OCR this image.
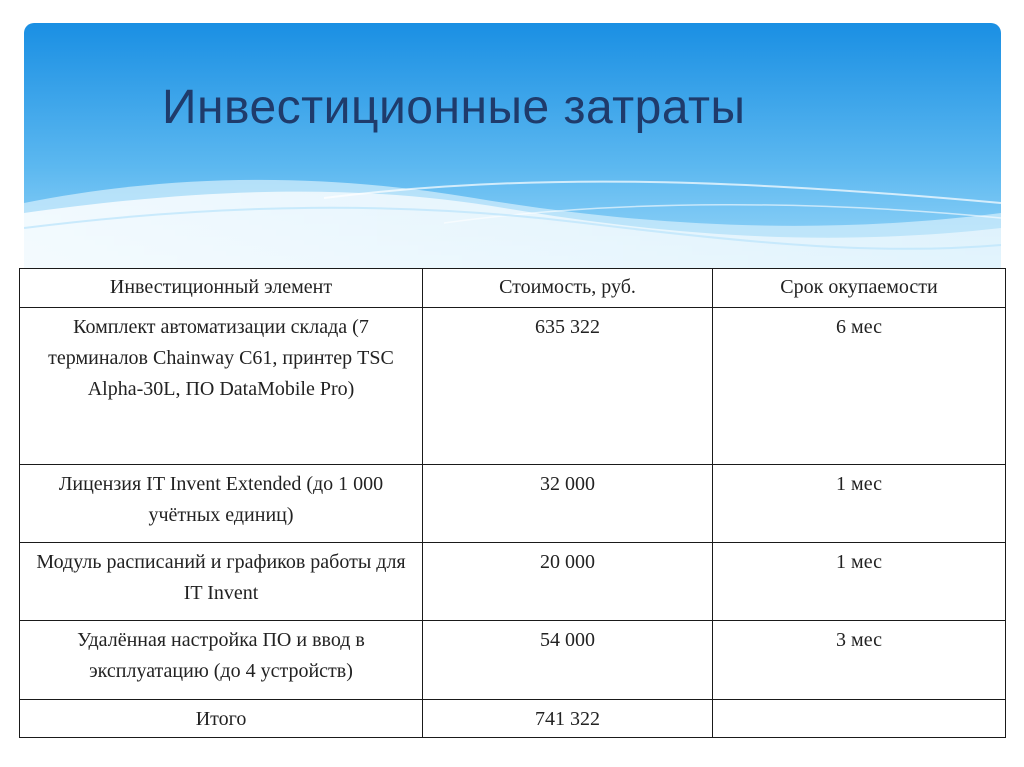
Инвестиционные затраты
Инвестиционный элемент	Стоимость, руб.	Срок окупаемости
Комплект автоматизации склада (7 терминалов Chainway C61, принтер TSC Alpha-30L, ПО DataMobile Pro)	635 322	6 мес
Лицензия IT Invent Extended (до 1 000 учётных единиц)	32 000	1 мес
Модуль расписаний и графиков работы для IT Invent	20 000	1 мес
Удалённая настройка ПО и ввод в эксплуатацию (до 4 устройств)	54 000	3 мес
Итого	741 322	
